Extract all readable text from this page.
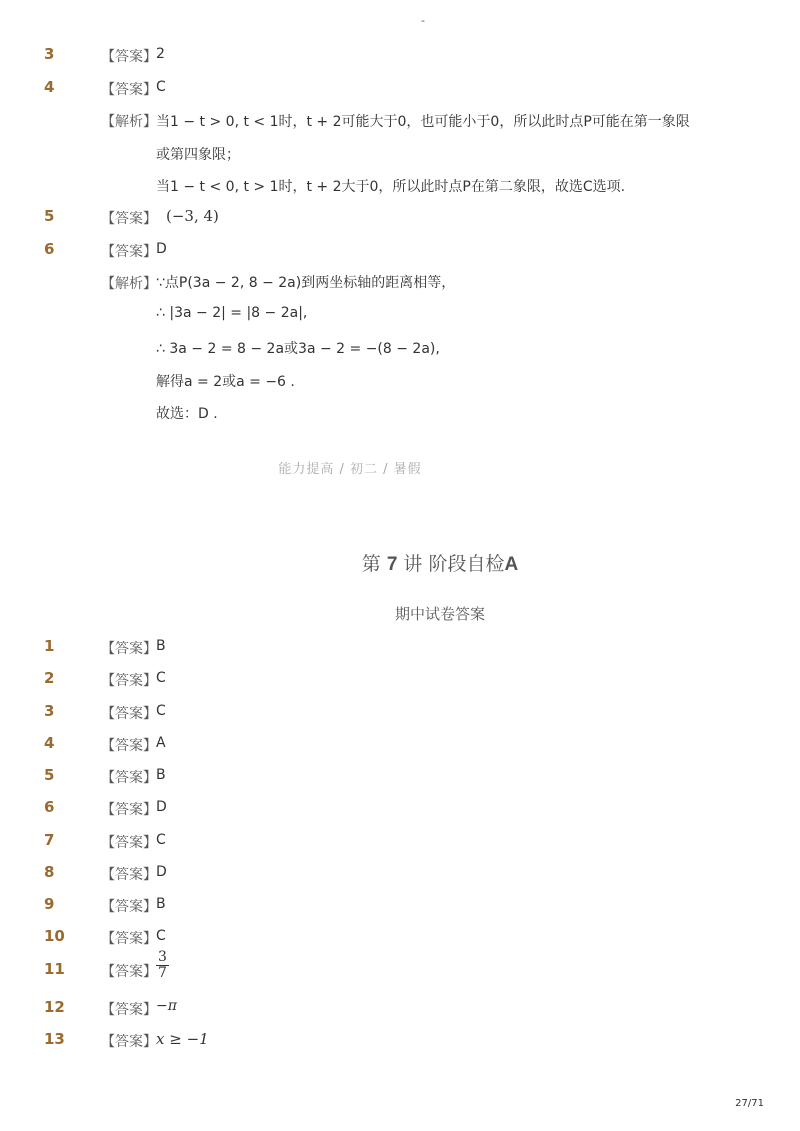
-
3	【答案】 2
4	【答案】 C
【解析】 当1 − t > 0, t < 1时，t + 2可能大于0，也可能小于0，所以此时点P可能在第一象限
或第四象限；
当1 − t < 0, t > 1时，t + 2大于0，所以此时点P在第二象限，故选C选项.
5	【答案】 (−3, 4)
6	【答案】 D
【解析】 ∵点P(3a − 2, 8 − 2a)到两坐标轴的距离相等，
∴ |3a − 2| = |8 − 2a|,
∴ 3a − 2 = 8 − 2a或3a − 2 = −(8 − 2a),
解得a = 2或a = −6 .
故选：D .
能力提高 / 初二 / 暑假
第 7 讲 阶段自检A
期中试卷答案
1	【答案】 B
2	【答案】 C
3	【答案】 C
4	【答案】 A
5	【答案】 B
6	【答案】 D
7	【答案】 C
8	【答案】 D
9	【答案】 B
10	【答案】 C
11	【答案】 $\frac{3}{7}$
12	【答案】 −π
13	【答案】 x ≥ −1
27/71
